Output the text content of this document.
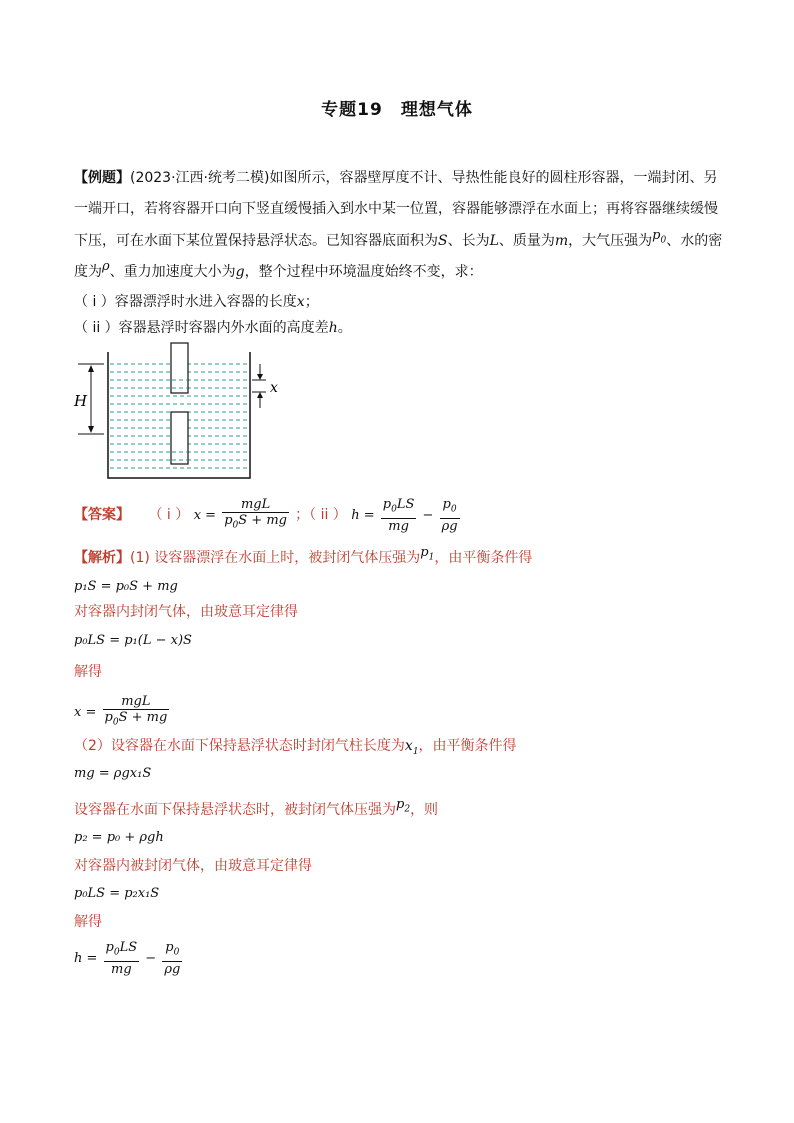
专题19　理想气体
【例题】(2023·江西·统考二模)如图所示，容器壁厚度不计、导热性能良好的圆柱形容器，一端封闭、另
一端开口，若将容器开口向下竖直缓慢插入到水中某一位置，容器能够漂浮在水面上；再将容器继续缓慢
下压，可在水面下某位置保持悬浮状态。已知容器底面积为S、长为L、质量为m，大气压强为$p_0$、水的密
度为ρ、重力加速度大小为g，整个过程中环境温度始终不变，求：
（ i ）容器漂浮时水进入容器的长度x；
（ ii ）容器悬浮时容器内外水面的高度差h。
H
x
【答案】 （ i ） $x = \frac{\text{mgL}}{p_0S + mg}$ ；（ ii ） $h = \frac{p_0LS}{mg} - \frac{p_0}{\rho g}$
【解析】(1) 设容器漂浮在水面上时，被封闭气体压强为$p_1$，由平衡条件得
p₁S = p₀S + mg
对容器内封闭气体，由玻意耳定律得
p₀LS = p₁(L − x)S
解得
$x = \frac{\text{mgL}}{p_0S + mg}$
（2）设容器在水面下保持悬浮状态时封闭气柱长度为$x_1$，由平衡条件得
mg = ρgx₁S
设容器在水面下保持悬浮状态时，被封闭气体压强为$p_2$，则
p₂ = p₀ + ρgh
对容器内被封闭气体，由玻意耳定律得
p₀LS = p₂x₁S
解得
$h = \frac{p_0LS}{mg} - \frac{p_0}{\rho g}$
